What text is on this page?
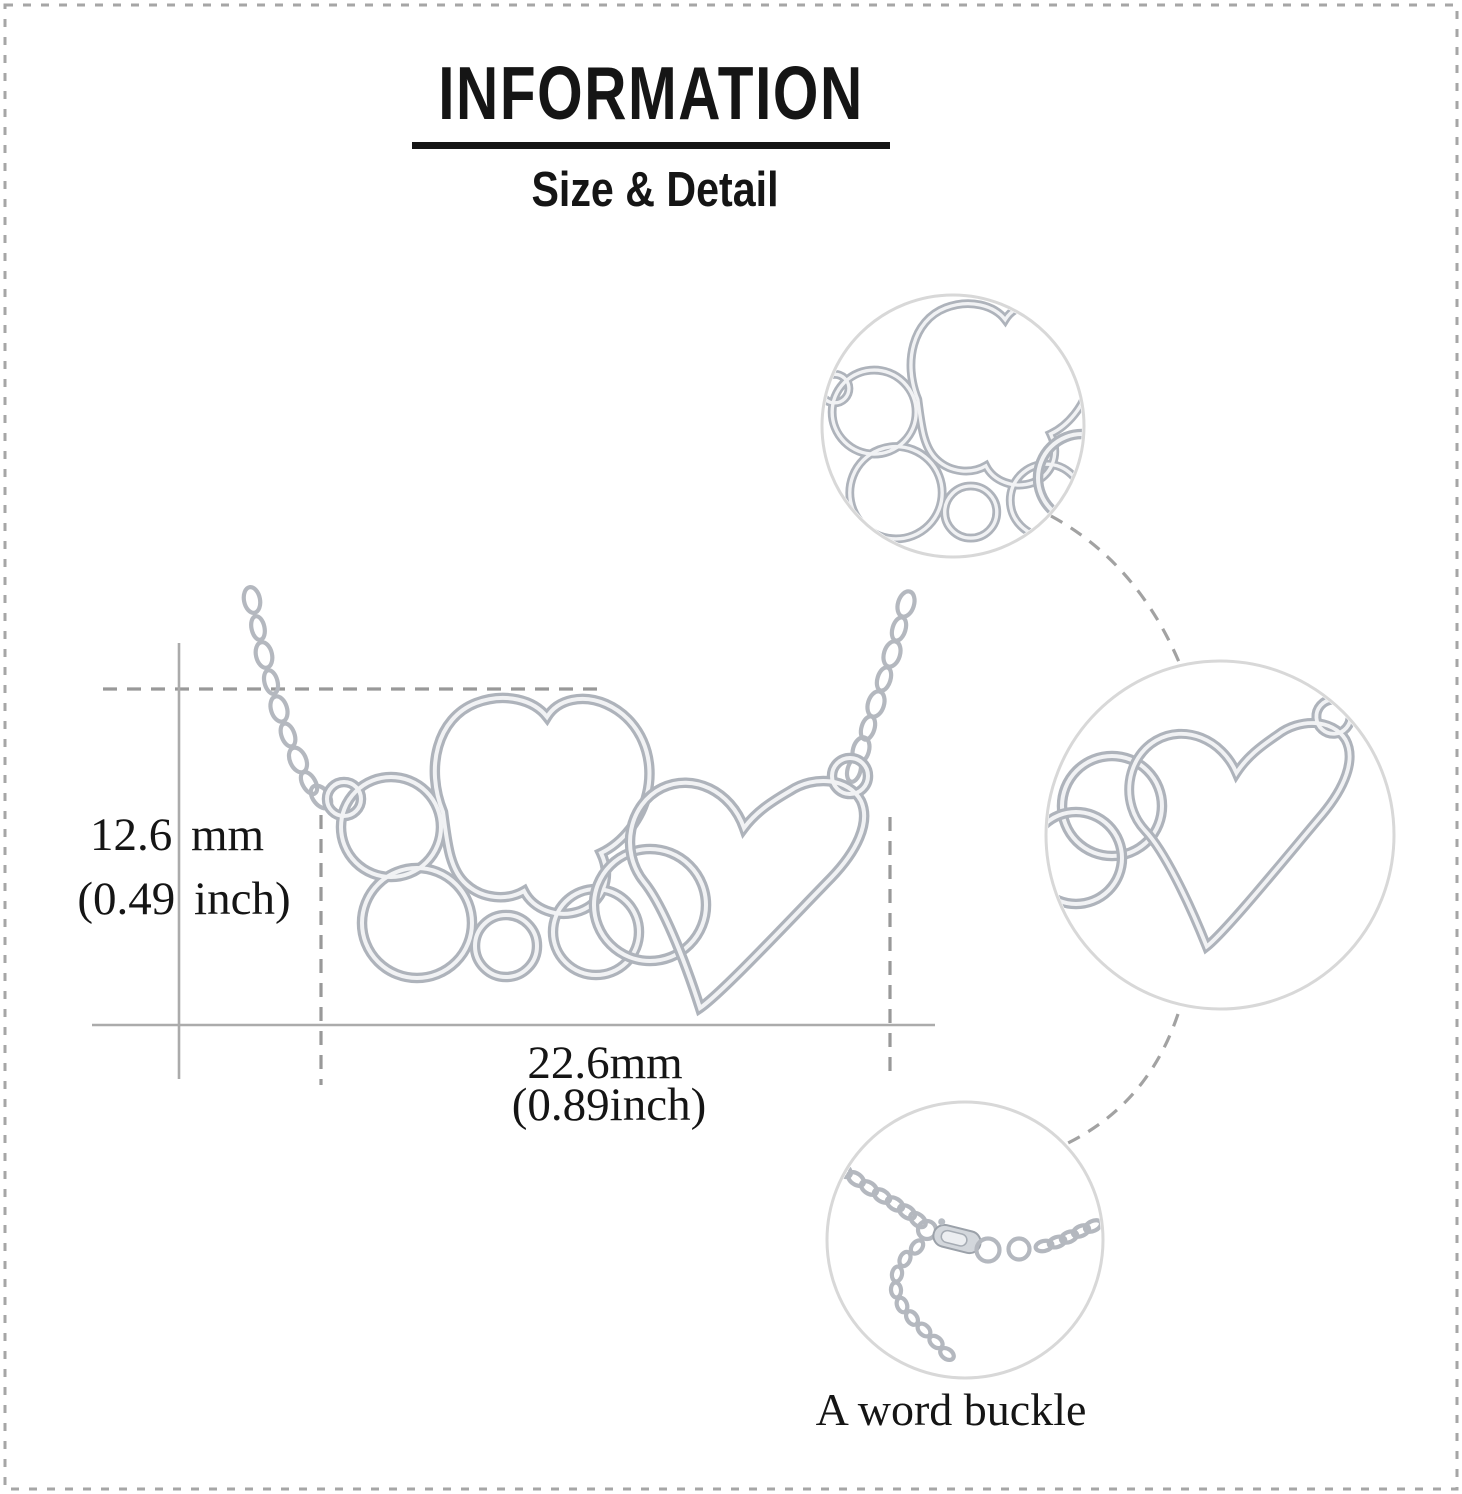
INFORMATION
Size & Detail
12.6 mm
(0.49 inch)
22.6mm
(0.89inch)
A word buckle
